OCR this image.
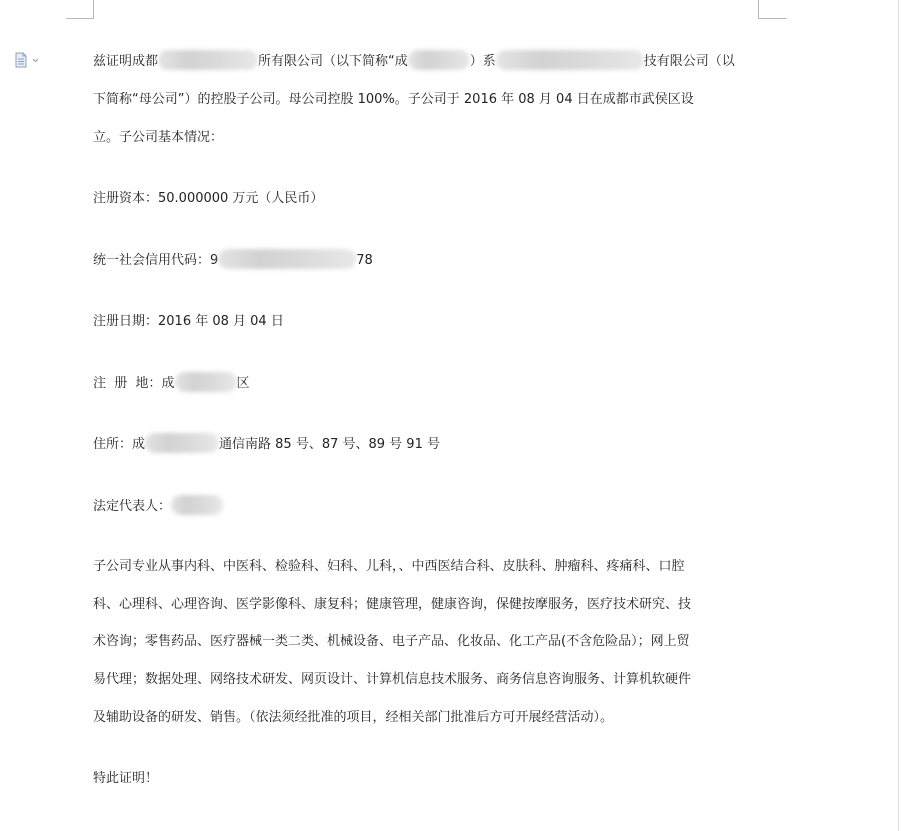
兹证明成都	所有限公司（以下简称“成	）系	技有限公司（以
下简称“母公司”）的控股子公司。母公司控股 100%。子公司于 2016 年 08 月 04 日在成都市武侯区设
立。子公司基本情况：
注册资本：50.000000 万元（人民币）
统一社会信用代码：9	78
注册日期：2016 年 08 月 04 日
注  册  地：成	区
住所：成	通信南路 85 号、87 号、89 号 91 号
法定代表人：
子公司专业从事内科、中医科、检验科、妇科、儿科，、中西医结合科、皮肤科、肿瘤科、疼痛科、口腔
科、心理科、心理咨询、医学影像科、康复科；健康管理，健康咨询，保健按摩服务，医疗技术研究、技
术咨询；零售药品、医疗器械一类二类、机械设备、电子产品、化妆品、化工产品(不含危险品）；网上贸
易代理；数据处理、网络技术研发、网页设计、计算机信息技术服务、商务信息咨询服务、计算机软硬件
及辅助设备的研发、销售。（依法须经批准的项目，经相关部门批准后方可开展经营活动）。
特此证明！
